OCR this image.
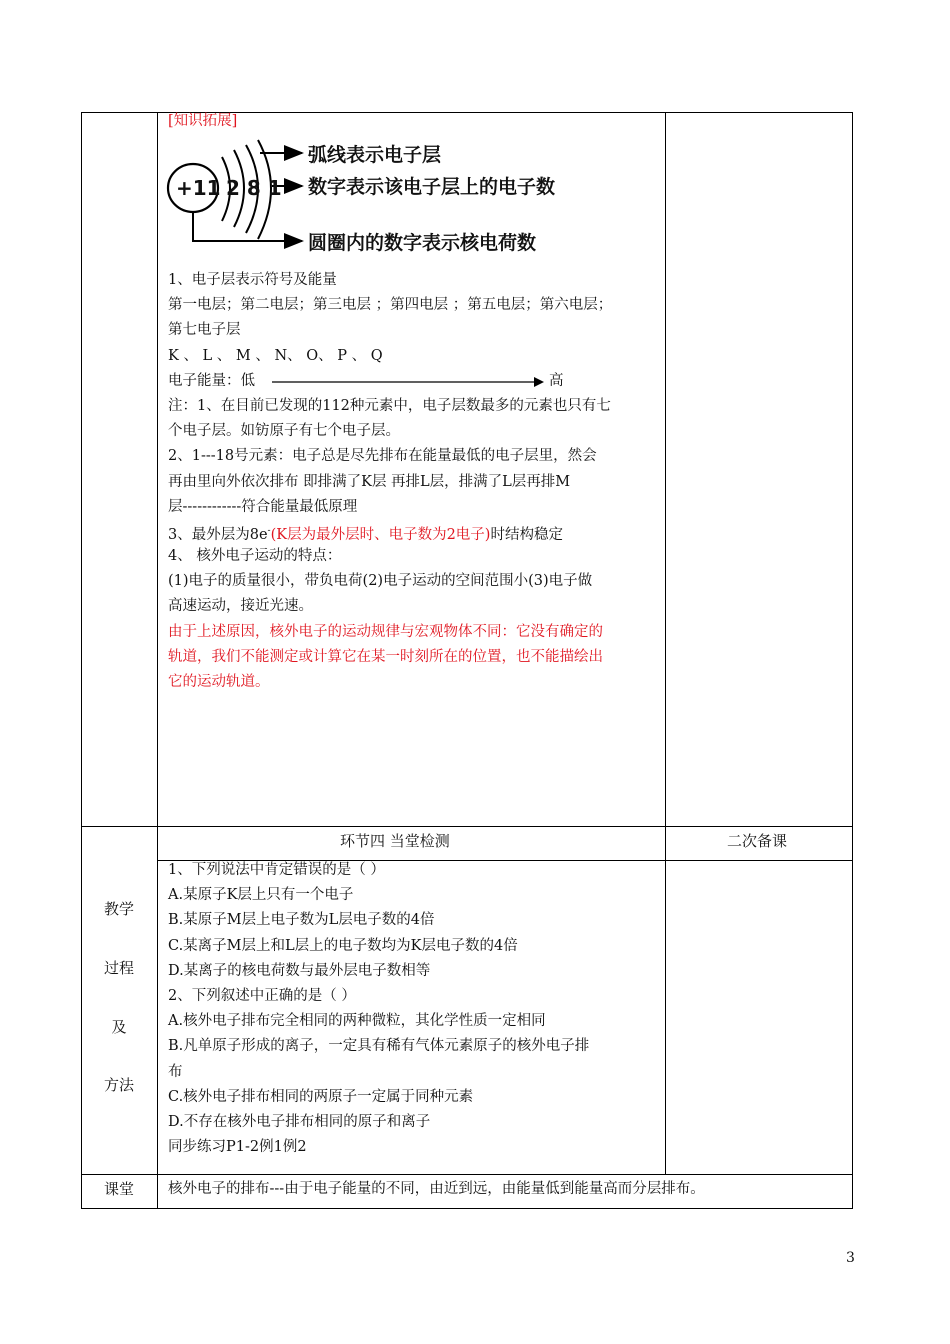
[知识拓展]
+11 2 8 1
弧线表示电子层
数字表示该电子层上的电子数
圆圈内的数字表示核电荷数
1、电子层表示符号及能量
第一电层；第二电层；第三电层 ；第四电层 ；第五电层；第六电层；
第七电子层
K 、 L 、 M 、 N、 O、 P 、 Q
电子能量：低
注：1、在目前已发现的112种元素中，电子层数最多的元素也只有七
个电子层。如钫原子有七个电子层。
2、1---18号元素：电子总是尽先排布在能量最低的电子层里，然会
再由里向外依次排布 即排满了K层 再排L层，排满了L层再排M
层------------符合能量最低原理
高
3、最外层为8e-(K层为最外层时、电子数为2电子)时结构稳定
4、 核外电子运动的特点：
(1)电子的质量很小，带负电荷(2)电子运动的空间范围小(3)电子做
高速运动，接近光速。
由于上述原因，核外电子的运动规律与宏观物体不同：它没有确定的
轨道，我们不能测定或计算它在某一时刻所在的位置，也不能描绘出
它的运动轨道。
环节四 当堂检测	二次备课
教学
过程
及
方法
1、下列说法中肯定错误的是（ ）
A.某原子K层上只有一个电子
B.某原子M层上电子数为L层电子数的4倍
C.某离子M层上和L层上的电子数均为K层电子数的4倍
D.某离子的核电荷数与最外层电子数相等
2、下列叙述中正确的是（ ）
A.核外电子排布完全相同的两种微粒，其化学性质一定相同
B.凡单原子形成的离子，一定具有稀有气体元素原子的核外电子排
布
C.核外电子排布相同的两原子一定属于同种元素
D.不存在核外电子排布相同的原子和离子
同步练习P1-2例1例2
课堂	核外电子的排布---由于电子能量的不同，由近到远，由能量低到能量高而分层排布。
3
